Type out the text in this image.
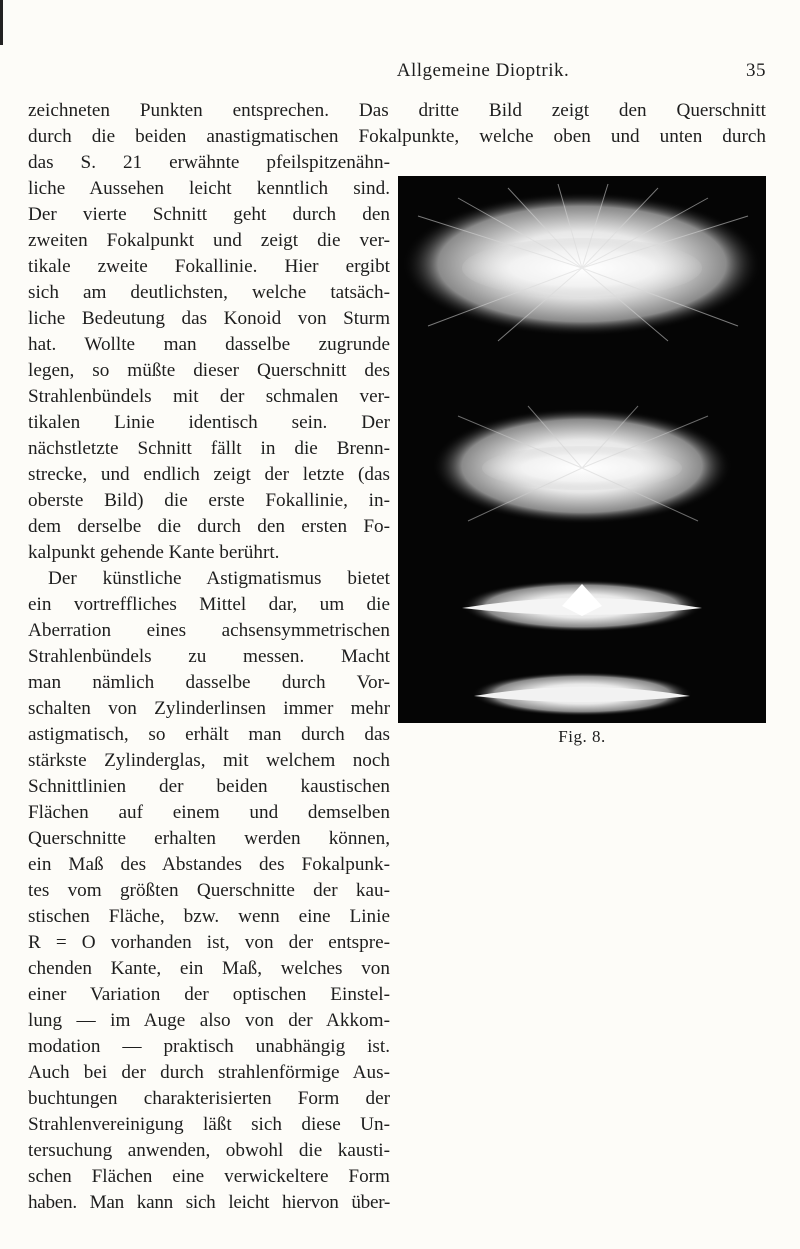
Allgemeine Dioptrik.	35
zeichneten Punkten entsprechen. Das dritte Bild zeigt den Querschnitt
durch die beiden anastigmatischen Fokalpunkte, welche oben und unten durch
das S. 21 erwähnte pfeilspitzenähn-
liche Aussehen leicht kenntlich sind.
Der vierte Schnitt geht durch den
zweiten Fokalpunkt und zeigt die ver-
tikale zweite Fokallinie. Hier ergibt
sich am deutlichsten, welche tatsäch-
liche Bedeutung das Konoid von Sturm
hat. Wollte man dasselbe zugrunde
legen, so müßte dieser Querschnitt des
Strahlenbündels mit der schmalen ver-
tikalen Linie identisch sein. Der
nächstletzte Schnitt fällt in die Brenn-
strecke, und endlich zeigt der letzte (das
oberste Bild) die erste Fokallinie, in-
dem derselbe die durch den ersten Fo-
kalpunkt gehende Kante berührt.
Der künstliche Astigmatismus bietet
ein vortreffliches Mittel dar, um die
Aberration eines achsensymmetrischen
Strahlenbündels zu messen. Macht
man nämlich dasselbe durch Vor-
schalten von Zylinderlinsen immer mehr
astigmatisch, so erhält man durch das
stärkste Zylinderglas, mit welchem noch
Schnittlinien der beiden kaustischen
Flächen auf einem und demselben
Querschnitte erhalten werden können,
ein Maß des Abstandes des Fokalpunk-
tes vom größten Querschnitte der kau-
stischen Fläche, bzw. wenn eine Linie
R = O vorhanden ist, von der entspre-
chenden Kante, ein Maß, welches von
einer Variation der optischen Einstel-
lung — im Auge also von der Akkom-
modation — praktisch unabhängig ist.
Auch bei der durch strahlenförmige Aus-
buchtungen charakterisierten Form der
Strahlenvereinigung läßt sich diese Un-
tersuchung anwenden, obwohl die kausti-
schen Flächen eine verwickeltere Form
haben. Man kann sich leicht hiervon über-
Fig. 8.
